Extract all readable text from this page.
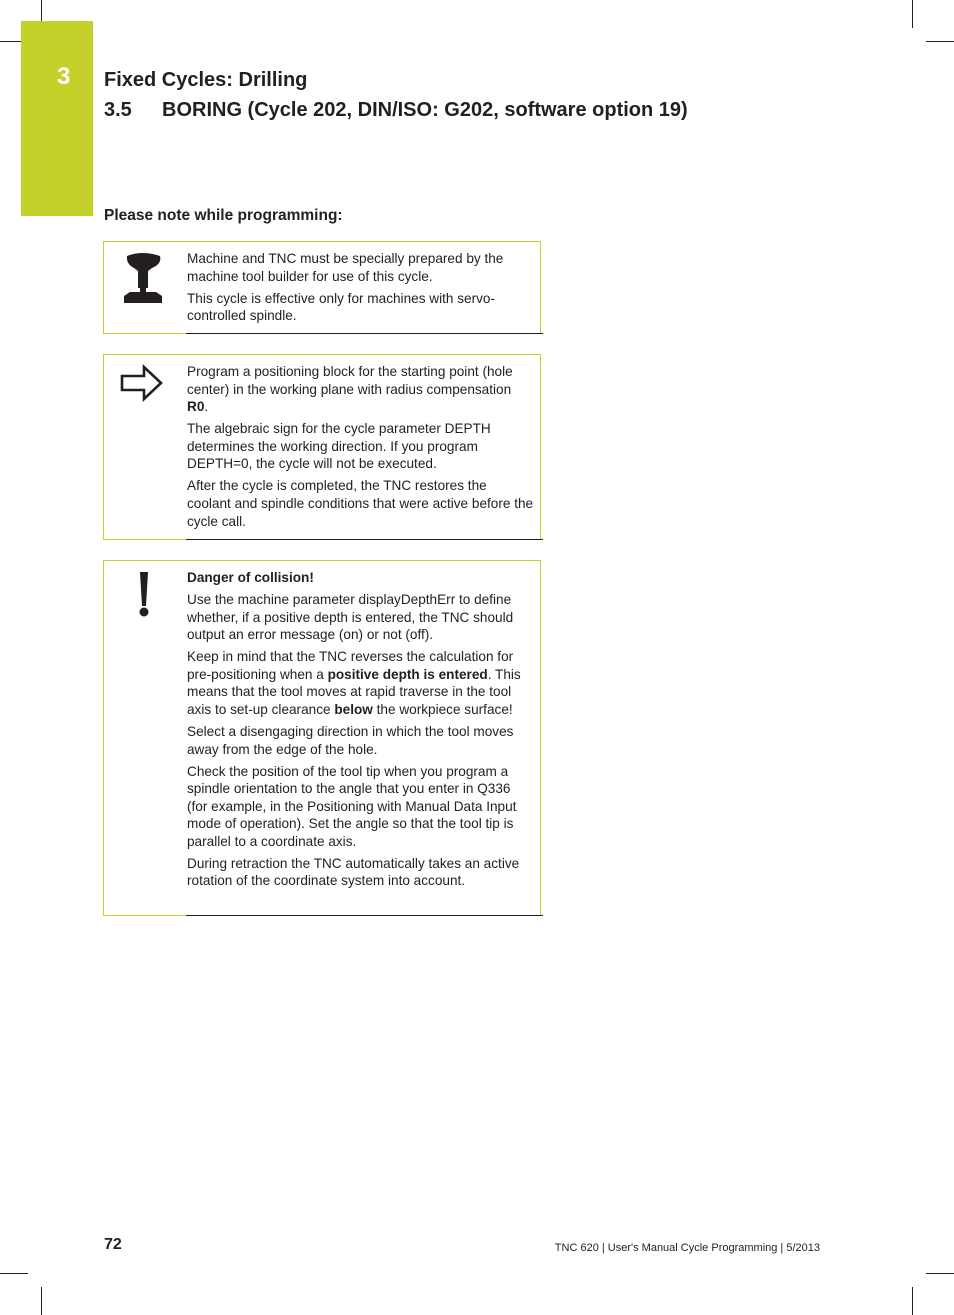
3 Fixed Cycles: Drilling
3.5 BORING (Cycle 202, DIN/ISO: G202, software option 19)
Please note while programming:

Machine and TNC must be specially prepared by the machine tool builder for use of this cycle.

This cycle is effective only for machines with servo-controlled spindle.

Program a positioning block for the starting point (hole center) in the working plane with radius compensation R0.

The algebraic sign for the cycle parameter DEPTH determines the working direction. If you program DEPTH=0, the cycle will not be executed.

After the cycle is completed, the TNC restores the coolant and spindle conditions that were active before the cycle call.

Danger of collision!

Use the machine parameter displayDepthErr to define whether, if a positive depth is entered, the TNC should output an error message (on) or not (off).

Keep in mind that the TNC reverses the calculation for pre-positioning when a positive depth is entered. This means that the tool moves at rapid traverse in the tool axis to set-up clearance below the workpiece surface!

Select a disengaging direction in which the tool moves away from the edge of the hole.

Check the position of the tool tip when you program a spindle orientation to the angle that you enter in Q336 (for example, in the Positioning with Manual Data Input mode of operation). Set the angle so that the tool tip is parallel to a coordinate axis.

During retraction the TNC automatically takes an active rotation of the coordinate system into account.

72	TNC 620 | User's Manual Cycle Programming | 5/2013
